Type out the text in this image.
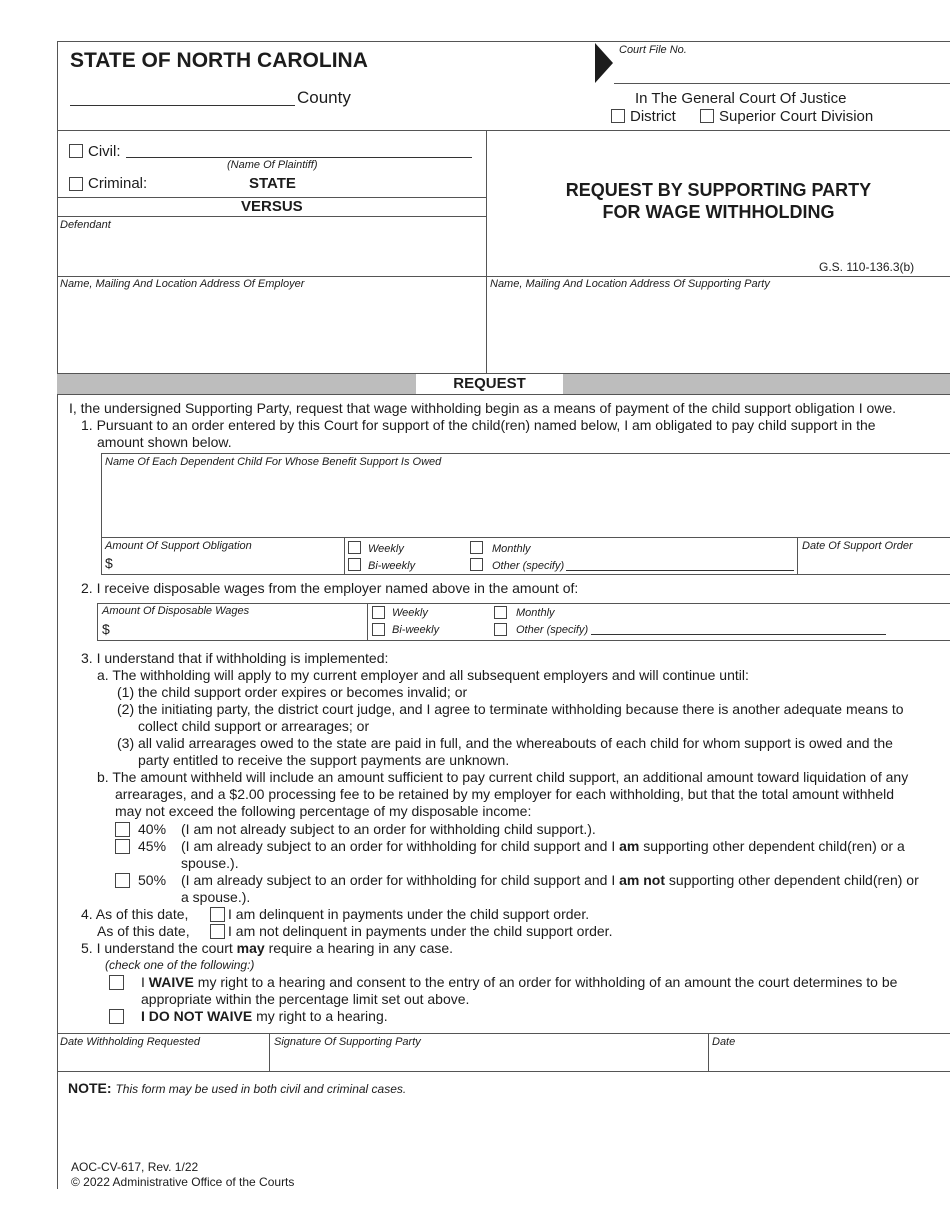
STATE OF NORTH CAROLINA
County
Court File No.
In The General Court Of Justice
District	Superior Court Division
Civil:
(Name Of Plaintiff)
Criminal:	STATE
VERSUS
Defendant
REQUEST BY SUPPORTING PARTY
FOR WAGE WITHHOLDING
G.S. 110-136.3(b)
Name, Mailing And Location Address Of Employer	Name, Mailing And Location Address Of Supporting Party
REQUEST
I, the undersigned Supporting Party, request that wage withholding begin as a means of payment of the child support obligation I owe.
1. Pursuant to an order entered by this Court for support of the child(ren) named below, I am obligated to pay child support in the
amount shown below.
Name Of Each Dependent Child For Whose Benefit Support Is Owed
Amount Of Support Obligation
$
Weekly
Bi-weekly
Monthly
Other (specify)
Date Of Support Order
2. I receive disposable wages from the employer named above in the amount of:
Amount Of Disposable Wages
$
Weekly
Bi-weekly
Monthly
Other (specify)
3. I understand that if withholding is implemented:
a. The withholding will apply to my current employer and all subsequent employers and will continue until:
(1) the child support order expires or becomes invalid; or
(2) the initiating party, the district court judge, and I agree to terminate withholding because there is another adequate means to
collect child support or arrearages; or
(3) all valid arrearages owed to the state are paid in full, and the whereabouts of each child for whom support is owed and the
party entitled to receive the support payments are unknown.
b. The amount withheld will include an amount sufficient to pay current child support, an additional amount toward liquidation of any
arrearages, and a $2.00 processing fee to be retained by my employer for each withholding, but that the total amount withheld
may not exceed the following percentage of my disposable income:
40% (I am not already subject to an order for withholding child support.).
45% (I am already subject to an order for withholding for child support and I am supporting other dependent child(ren) or a
spouse.).
50% (I am already subject to an order for withholding for child support and I am not supporting other dependent child(ren) or
a spouse.).
4. As of this date,	I am delinquent in payments under the child support order.
As of this date,	I am not delinquent in payments under the child support order.
5. I understand the court may require a hearing in any case.
(check one of the following:)
I WAIVE my right to a hearing and consent to the entry of an order for withholding of an amount the court determines to be
appropriate within the percentage limit set out above.
I DO NOT WAIVE my right to a hearing.
Date Withholding Requested	Signature Of Supporting Party	Date
NOTE: This form may be used in both civil and criminal cases.
AOC-CV-617, Rev. 1/22
© 2022 Administrative Office of the Courts
